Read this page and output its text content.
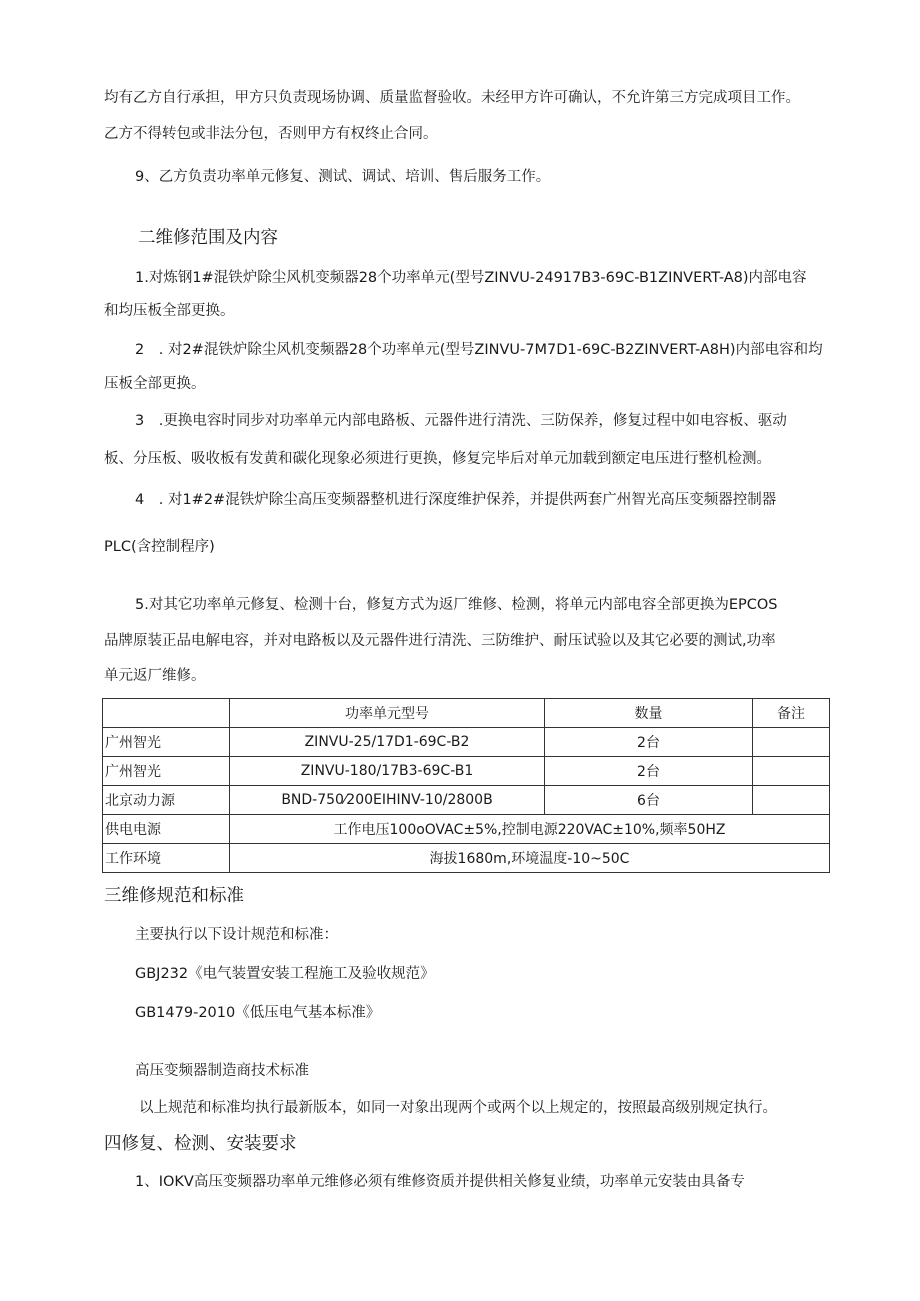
均有乙方自行承担，甲方只负责现场协调、质量监督验收。未经甲方许可确认，不允许第三方完成项目工作。
乙方不得转包或非法分包，否则甲方有权终止合同。
9、乙方负责功率单元修复、测试、调试、培训、售后服务工作。
二维修范围及内容
1.对炼钢1#混铁炉除尘风机变频器28个功率单元(型号ZINVU-24917B3-69C-B1ZINVERT-A8)内部电容
和均压板全部更换。
2　. 对2#混铁炉除尘风机变频器28个功率单元(型号ZINVU-7M7D1-69C-B2ZINVERT-A8H)内部电容和均
压板全部更换。
3　.更换电容时同步对功率单元内部电路板、元器件进行清洗、三防保养，修复过程中如电容板、驱动
板、分压板、吸收板有发黄和碳化现象必须进行更换，修复完毕后对单元加载到额定电压进行整机检测。
4　. 对1#2#混铁炉除尘高压变频器整机进行深度维护保养，并提供两套广州智光高压变频器控制器
PLC(含控制程序)
5.对其它功率单元修复、检测十台，修复方式为返厂维修、检测，将单元内部电容全部更换为EPCOS
品牌原装正品电解电容，并对电路板以及元器件进行清洗、三防维护、耐压试验以及其它必要的测试,功率
单元返厂维修。
	功率单元型号	数量	备注
广州智光	ZINVU-25/17D1-69C-B2	2台	
广州智光	ZINVU-180/17B3-69C-B1	2台	
北京动力源	BND-750⁄200EIHINV-10/2800B	6台	
供电电源	工作电压100oOVAC±5%,控制电源220VAC±10%,频率50HZ		
工作环境	海拔1680m,环境温度-10~50C		
三维修规范和标准
主要执行以下设计规范和标准：
GBJ232《电气装置安装工程施工及验收规范》
GB1479-2010《低压电气基本标准》
高压变频器制造商技术标准
以上规范和标准均执行最新版本，如同一对象出现两个或两个以上规定的，按照最高级别规定执行。
四修复、检测、安装要求
1、IOKV高压变频器功率单元维修必须有维修资质并提供相关修复业绩，功率单元安装由具备专
